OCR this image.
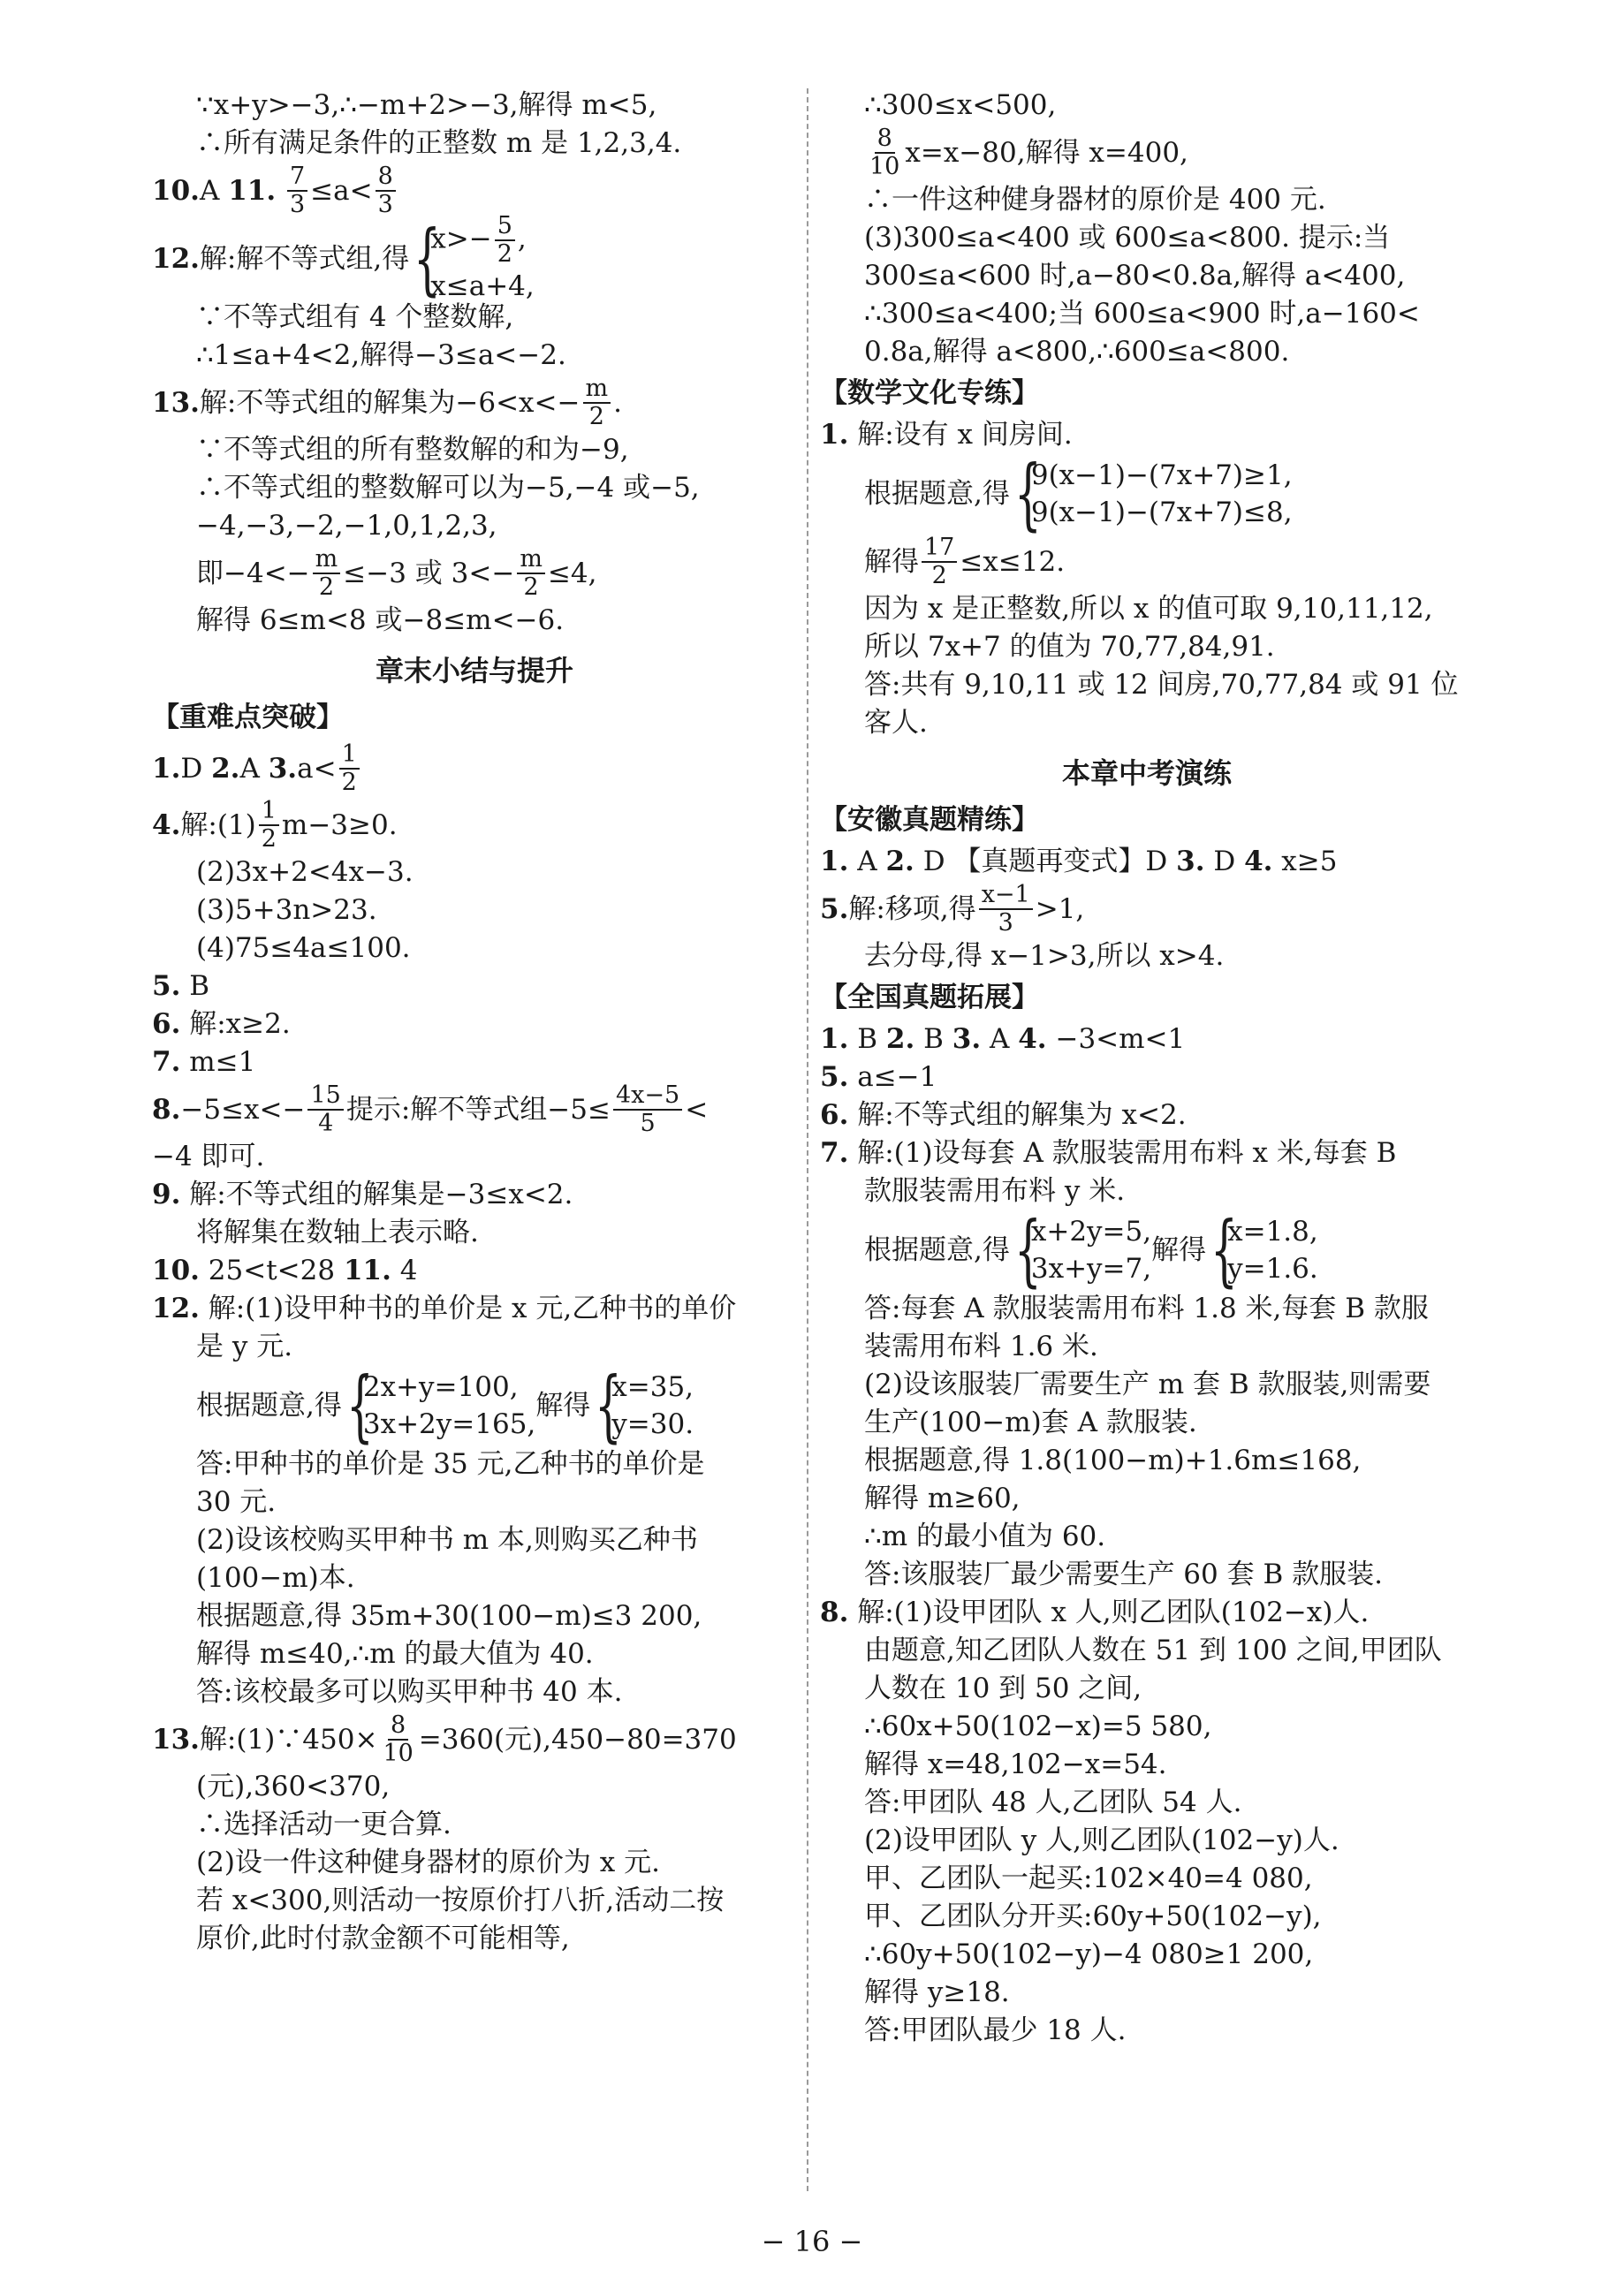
∵x+y>−3,∴−m+2>−3,解得 m<5,
∴所有满足条件的正整数 m 是 1,2,3,4.
10. A
11.
$\frac{7}{3} \le a< \frac{8}{3}$
12. 解:解不等式组,得 {
$x>- \frac{5}{2}$ ,
x≤a+4,
∵不等式组有 4 个整数解,
∴1≤a+4<2,解得−3≤a<−2.
13. 解:不等式组的解集为$-6<x<- \frac{m}{2}$ .
∵不等式组的所有整数解的和为−9,
∴不等式组的整数解可以为−5,−4 或−5,
−4,−3,−2,−1,0,1,2,3,
即$-4<- \frac{m}{2} \le-3$ 或 $3<- \frac{m}{2} \le 4$,
解得 6≤m<8 或−8≤m<−6.
章末小结与提升
【重难点突破】
1. D
2. A
3. $a< \frac{1}{2}$
4. 解:(1) $\frac{1}{2} m-3\ge 0$.
(2)3x+2<4x−3.
(3)5+3n>23.
(4)75≤4a≤100.
5. B
6. 解:x≥2.
7. m≤1
8. $-5\le x<- \frac{15}{4}$ 提示:解不等式组$-5\le \frac{4x-5}{5}$ <
−4 即可.
9. 解:不等式组的解集是−3≤x<2.
将解集在数轴上表示略.
10. 25<t<28 11. 4
12. 解:(1)设甲种书的单价是 x 元,乙种书的单价
是 y 元.
根据题意,得 {
2x+y=100,
3x+2y=165,
解得 {
x=35,
y=30.
答:甲种书的单价是 35 元,乙种书的单价是
30 元.
(2)设该校购买甲种书 m 本,则购买乙种书
(100−m)本.
根据题意,得 35m+30(100−m)≤3 200,
解得 m≤40,∴m 的最大值为 40.
答:该校最多可以购买甲种书 40 本.
13. 解:(1)∵450× $\frac{8}{10} =360$(元),450−80=370
(元),360<370,
∴选择活动一更合算.
(2)设一件这种健身器材的原价为 x 元.
若 x<300,则活动一按原价打八折,活动二按
原价,此时付款金额不可能相等,
∴300≤x<500,
$\frac{8}{10} x=x-80$,解得 x=400,
∴一件这种健身器材的原价是 400 元.
(3)300≤a<400 或 600≤a<800. 提示:当
300≤a<600 时,a−80<0.8a,解得 a<400,
∴300≤a<400;当 600≤a<900 时,a−160<
0.8a,解得 a<800,∴600≤a<800.
【数学文化专练】
1. 解:设有 x 间房间.
根据题意,得 {
9(x−1)−(7x+7)≥1,
9(x−1)−(7x+7)≤8,
解得 $\frac{17}{2} \le x\le 12$.
因为 x 是正整数,所以 x 的值可取 9,10,11,12,
所以 7x+7 的值为 70,77,84,91.
答:共有 9,10,11 或 12 间房,70,77,84 或 91 位
客人.
本章中考演练
【安徽真题精练】
1. A 2. D 【真题再变式】D 3. D 4. x≥5
5. 解:移项,得 $\frac{x-1}{3} >1$,
去分母,得 x−1>3,所以 x>4.
【全国真题拓展】
1. B 2. B 3. A 4. −3<m<1
5. a≤−1
6. 解:不等式组的解集为 x<2.
7. 解:(1)设每套 A 款服装需用布料 x 米,每套 B
款服装需用布料 y 米.
根据题意,得 {
x+2y=5,
3x+y=7,
解得 {
x=1.8,
y=1.6.
答:每套 A 款服装需用布料 1.8 米,每套 B 款服
装需用布料 1.6 米.
(2)设该服装厂需要生产 m 套 B 款服装,则需要
生产(100−m)套 A 款服装.
根据题意,得 1.8(100−m)+1.6m≤168,
解得 m≥60,
∴m 的最小值为 60.
答:该服装厂最少需要生产 60 套 B 款服装.
8. 解:(1)设甲团队 x 人,则乙团队(102−x)人.
由题意,知乙团队人数在 51 到 100 之间,甲团队
人数在 10 到 50 之间,
∴60x+50(102−x)=5 580,
解得 x=48,102−x=54.
答:甲团队 48 人,乙团队 54 人.
(2)设甲团队 y 人,则乙团队(102−y)人.
甲、乙团队一起买:102×40=4 080,
甲、乙团队分开买:60y+50(102−y),
∴60y+50(102−y)−4 080≥1 200,
解得 y≥18.
答:甲团队最少 18 人.
− 16 −
